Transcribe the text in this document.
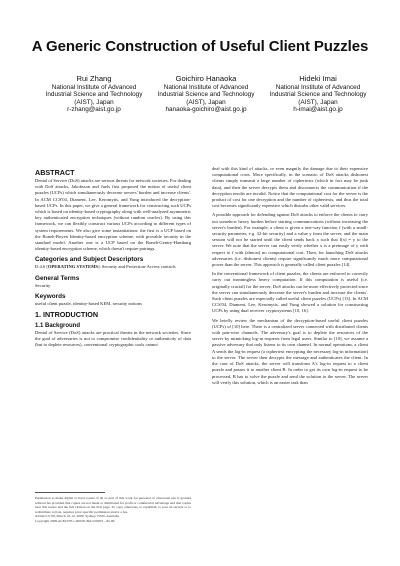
A Generic Construction of Useful Client Puzzles
Rui Zhang
National Institute of Advanced Industrial Science and Technology (AIST), Japan
r-zhang@aist.go.jp
Goichiro Hanaoka
National Institute of Advanced Industrial Science and Technology (AIST), Japan
hanaoka-goichiro@aist.go.jp
Hideki Imai
National Institute of Advanced Industrial Science and Technology (AIST), Japan
h-imai@aist.go.jp
ABSTRACT

Denial of Service (DoS) attacks are serious threats for network societies. For dealing with DoS attacks, Jakobsson and Juels first proposed the notion of useful client puzzles (UCPs) which simultaneously decrease servers' burden and increase clients'. In ACM CCS'04, Diament, Lee, Keromytis, and Yung introduced the decryption-based UCPs. In this paper, we give a general framework for constructing such UCPs which is based on identity-based cryptography along with well-analyzed asymmetric key authenticated encryption techniques (without random oracles). By using this framework, we can flexibly construct various UCPs according to different types of system requirements. We also give some instantiations: the first is a UCP based on the Boneh-Boyen Identity-based encryption scheme, with provable security in the standard model. Another one is a UCP based on the Boneh-Gentry-Hamburg identity-based encryption scheme, which doesn't require pairings.

Categories and Subject Descriptors

D.4.6 [OPERATING SYSTEMS]: Security and Protection-Access controls

General Terms

Security

Keywords

useful client puzzle, identity-based KEM, security notions

1. INTRODUCTION
1.1 Background

Denial of Service (DoS) attacks are practical threats in the network societies. Since the goal of adversaries is not to compromise confidentiality or authenticity of data (but to deplete resources), conventional cryptographic tools cannot

Permission to make digital or hard copies of all or part of this work for personal or classroom use is granted without fee provided that copies are not made or distributed for profit or commercial advantage and that copies bear this notice and the full citation on the first page. To copy otherwise, to republish, to post on servers or to redistribute to lists, requires prior specific permission and/or a fee.
ASIACCS '09, March 10-12, 2009, Sydney, NSW, Australia
Copyright 2009 ACM 978-1-60558-394-5/09/03 ...$5.00.

deal with this kind of attacks, or even magnify the damage due to their expensive computational costs. More specifically, in the scenario of DoS attacks dishonest clients simply transmit a large number of ciphertexts (which in fact may be junk data), and then the server decrypts them and disconnects the communication if the decryption results are invalid. Notice that the computational cost for the server is the product of cost for one decryption and the number of ciphertexts, and thus the total cost becomes significantly expensive which disturbs other valid services.

A possible approach for defending against DoS attacks to enforce the clients to carry out somehow heavy burden before starting communications (without increasing the server's burden). For example, a client is given a one-way function f (with a small-security parameter, e.g. 32-bit security) and a value y from the server, and the main session will not be started until the client sends back x such that f(x) = y to the server. We note that the server can easily verify whether x is a preimage of y with respect to f with (almost) no computational cost. Then, for launching DoS attacks adversaries (i.e. dishonest clients) require significantly much more computational power than the server. This approach is generally called client puzzles [14].

In the conventional framework of client puzzles, the clients are enforced to correctly carry out meaningless heavy computation. If this computation is useful (i.e. originally crucial) for the server, DoS attacks can be more effectively protected since the server can simultaneously decrease the server's burden and increase the clients'. Such client puzzles are especially called useful client puzzles (UCPs) [13]. In ACM CCS'04, Diament, Lee, Keromytis, and Yung showed a solution for constructing UCPs by using dual receiver cryptosystems [10, 16].

We briefly review the mechanism of the decryption-based useful client puzzles (UCPs) of [10] here. There is a centralized server connected with distributed clients with pair-wise channels. The adversary's goal is to deplete the resources of the server by mimicking log-in requests from legal users. Similar to [10], we assume a passive adversary that only listens to its own channel. In normal operations, a client A sends the log-in request (a ciphertext encrypting the necessary log-in information) to the server. The server then decrypts the message and authenticates the client. In the case of DoS attacks, the server will transform A's log-in request to a client puzzle and passes it to another client B. In order to get its own log-in request to be processed, B has to solve the puzzle and send the solution to the server. The server will verify this solution, which is an easier task than
